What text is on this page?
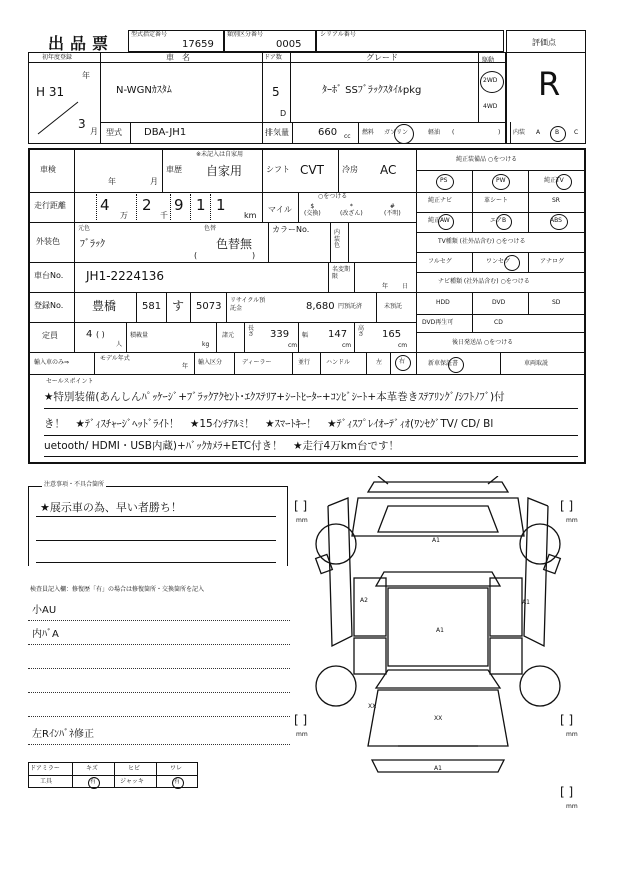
出品票	型式指定番号
17659
類別区分番号
0005
シリアル番号
評価点
R
初年度登録
年
H 31
3
月
車　名
N-WGNｶｽﾀﾑ
ドア数
5
D
グレード
ﾀｰﾎﾞ SSﾌﾞﾗｯｸｽﾀｲﾙpkg
駆動
2WD
4WD
型式 DBA-JH1	排気量	660 cc
燃料 ガソリン	軽油 (	) 内装 A B C
車検
年	月
車歴
※未記入は自家用
自家用	シフト CVT 冷房 AC
走行距離 4
万
2
千
9 1 1
km
マイル
○をつける
$
(交換)
*
(改ざん)
#
(不明)
外装色
元色
ﾌﾞﾗｯｸ
色替
色替無
(	)
カラーNo.	内装色
車台No. JH1-2224136	名変期限
年 日
登録No. 豊橋	581 す 5073
リサイクル預託金	8,680 円預託済	未預託
定員	4 ( )
人
積載量
kg
諸元
長さ 339
cm
幅 147
cm
高さ 165
cm
輸入車のみ⇒
モデル年式
年
輸入区分	ディーラー	並行	ハンドル	左	右
純正装備品 ○をつける
PS	PW	純正TV
純正ナビ	革シート	SR
純正AW	エアB	ABS
TV種類 (社外品含む) ○をつける
フルセグ	ワンセグ	アナログ
ナビ種類 (社外品含む) ○をつける
HDD	DVD	SD
DVD再生可	CD
後日発送品 ○をつける
新車保証書	車両取説
セールスポイント
★特別装備(あんしんﾊﾟｯｹｰｼﾞ+ﾌﾞﾗｯｸｱｸｾﾝﾄ･ｴｸｽﾃﾘｱ+ｼｰﾄﾋｰﾀｰ+ｺﾝﾋﾞｼｰﾄ+本革巻きｽﾃｱﾘﾝｸﾞ/ｼﾌﾄﾉﾌﾞ)付
き！　★ﾃﾞｨｽﾁｬｰｼﾞﾍｯﾄﾞﾗｲﾄ！　★15ｲﾝﾁｱﾙﾐ！　★ｽﾏｰﾄｷｰ！　★ﾃﾞｨｽﾌﾟﾚｲｵｰﾃﾞｨｵ(ﾜﾝｾｸﾞTV/ CD/ Bl
uetooth/ HDMI・USB内蔵)+ﾊﾞｯｸｶﾒﾗ+ETC付き！　★走行4万km台です！
注意事項・不具合箇所
★展示車の為、早い者勝ち！
検査員記入欄：修復歴「有」の場合は修復箇所・交換箇所を記入
小AU
内ﾊﾞA
左Rｲﾝﾊﾞﾈ修正
ドアミラー	キズ	ヒビ	ワレ
工具	有	ジャッキ	有
A1
A2	A1
A1
XX
XX
A1
[ ]
mm
[ ]
mm
[ ]
mm
[ ]
mm
[ ]
mm
